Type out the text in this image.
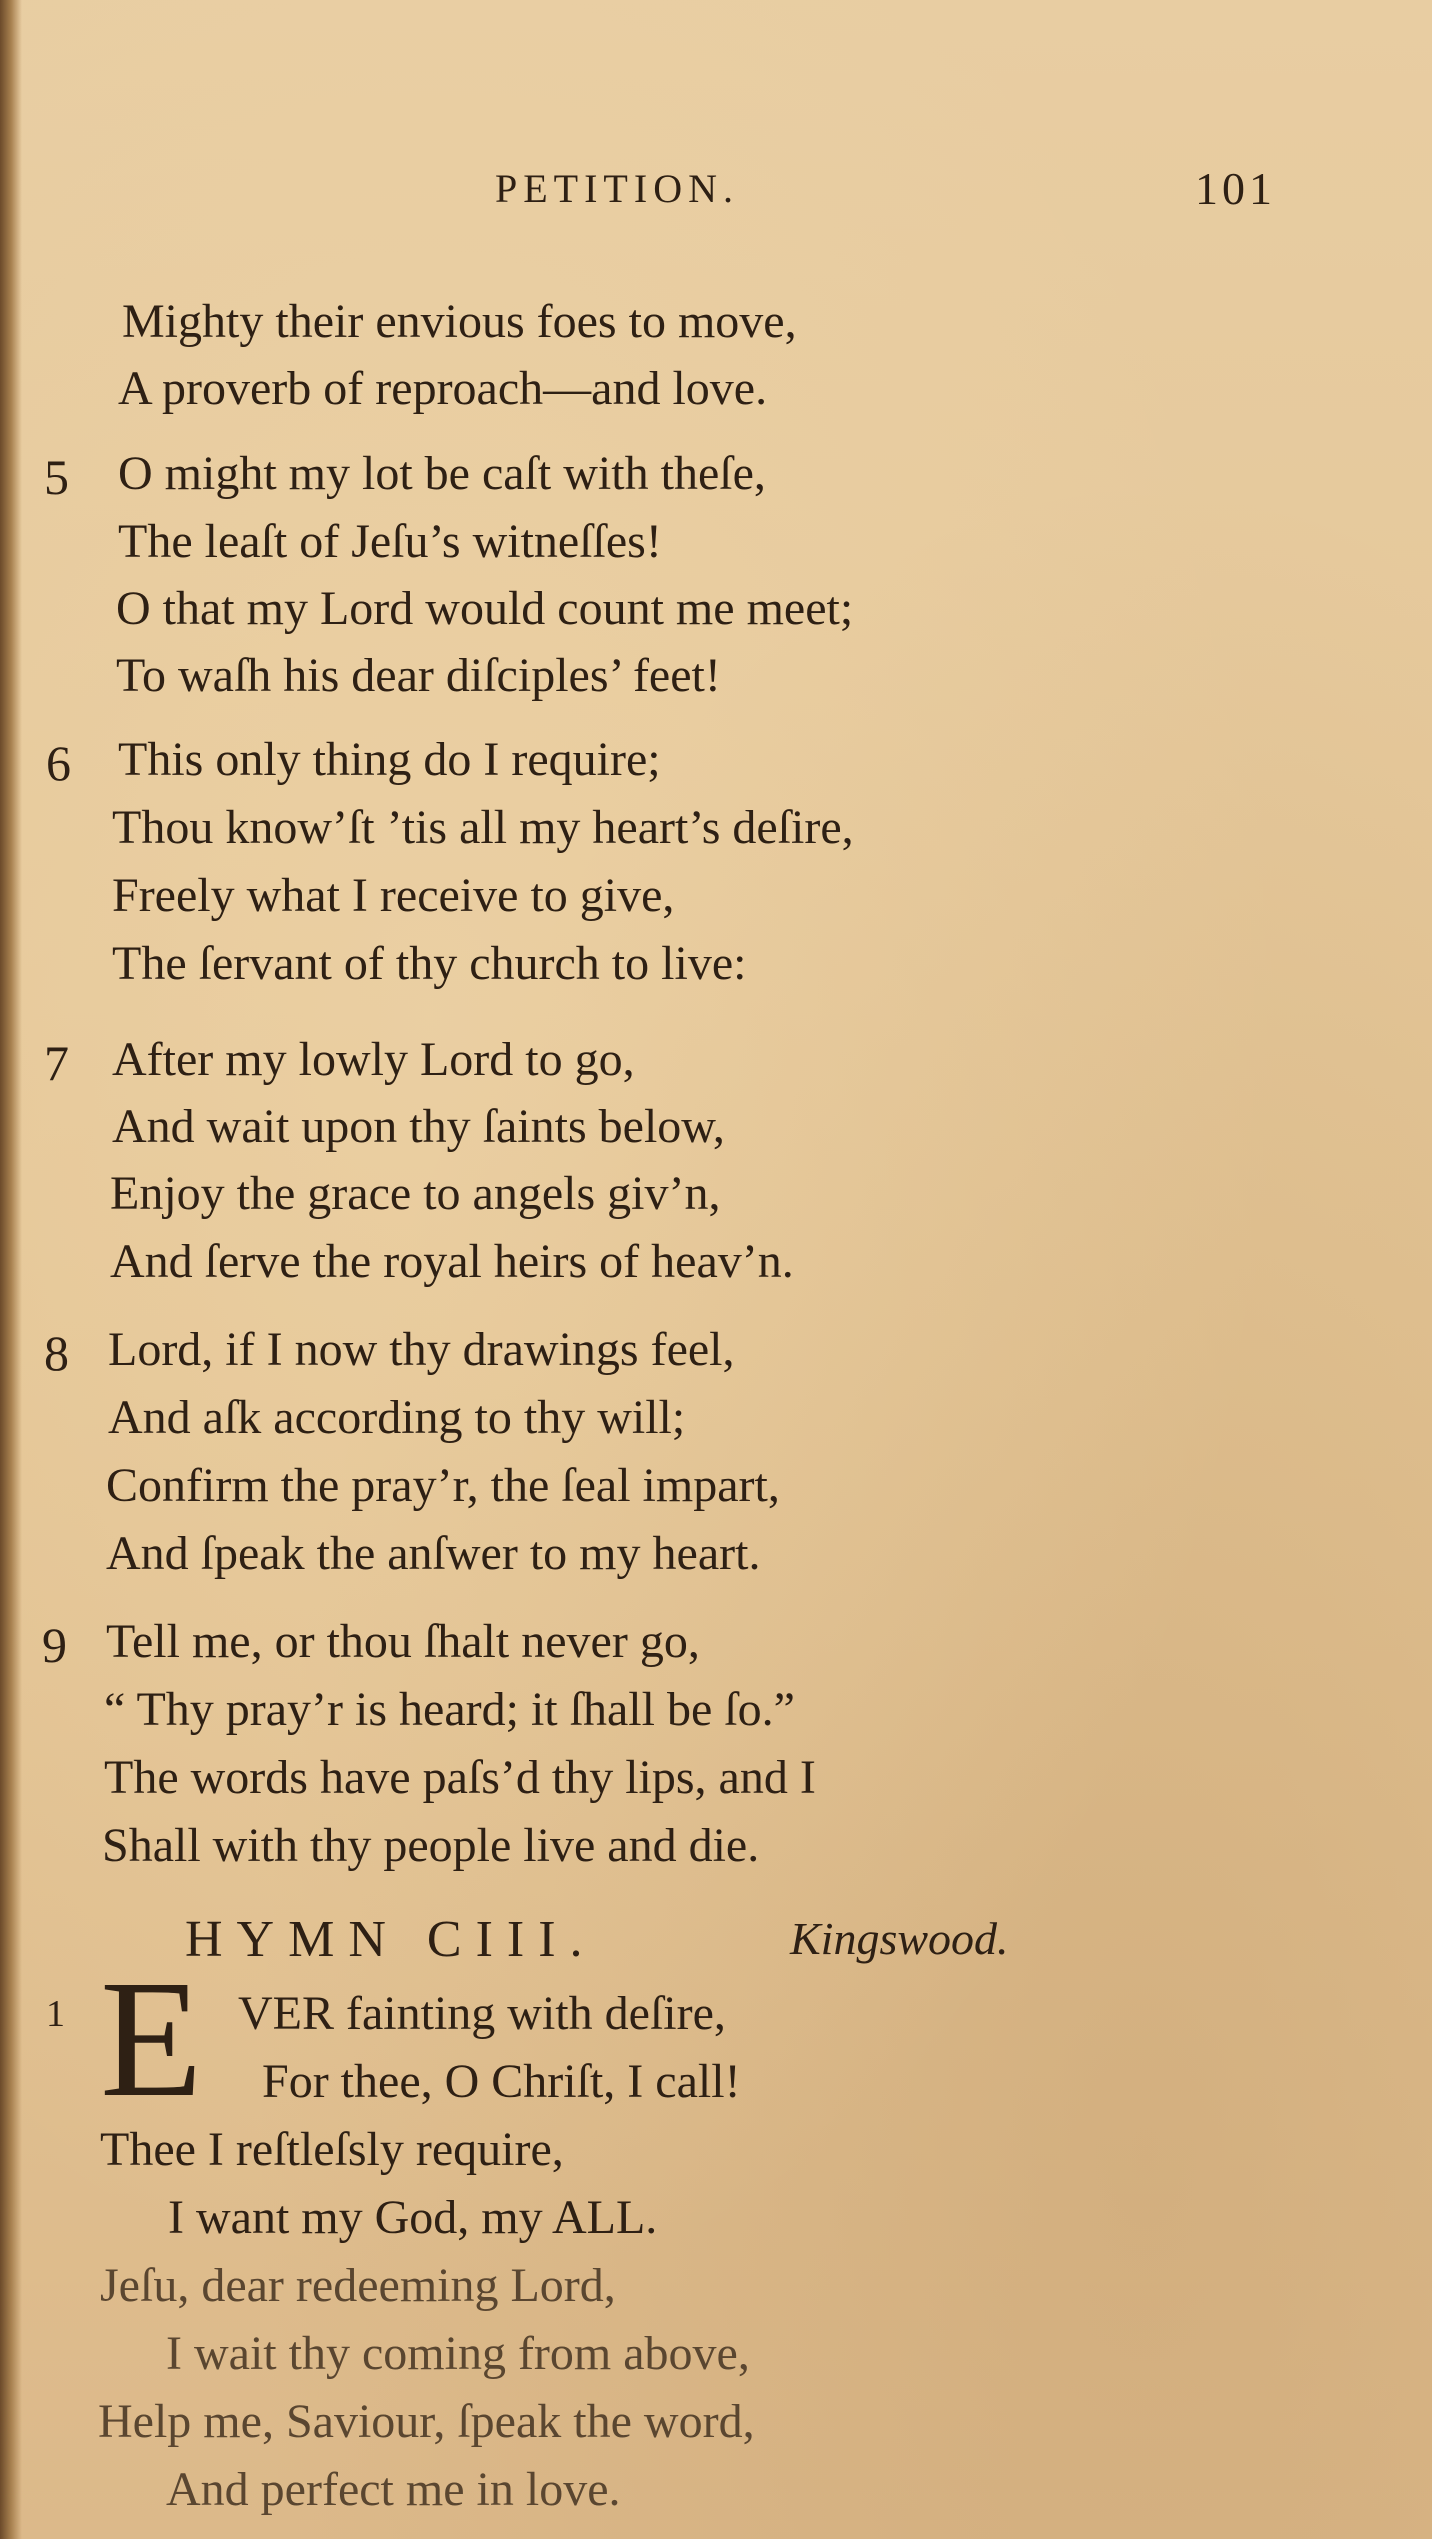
PETITION.	101
Mighty their envious foes to move,
A proverb of reproach—and love.
5 O might my lot be caſt with theſe,
The leaſt of Jeſu’s witneſſes!
O that my Lord would count me meet;
To waſh his dear diſciples’ feet!
6 This only thing do I require;
Thou know’ſt ’tis all my heart’s deſire,
Freely what I receive to give,
The ſervant of thy church to live:
7 After my lowly Lord to go,
And wait upon thy ſaints below,
Enjoy the grace to angels giv’n,
And ſerve the royal heirs of heav’n.
8 Lord, if I now thy drawings feel,
And aſk according to thy will;
Confirm the pray’r, the ſeal impart,
And ſpeak the anſwer to my heart.
9 Tell me, or thou ſhalt never go,
“ Thy pray’r is heard; it ſhall be ſo.”
The words have paſs’d thy lips, and I
Shall with thy people live and die.
HYMN CIII.	Kingswood.
1 E VER fainting with deſire,
For thee, O Chriſt, I call!
Thee I reſtleſsly require,
I want my God, my ALL.
Jeſu, dear redeeming Lord,
I wait thy coming from above,
Help me, Saviour, ſpeak the word,
And perfect me in love.
